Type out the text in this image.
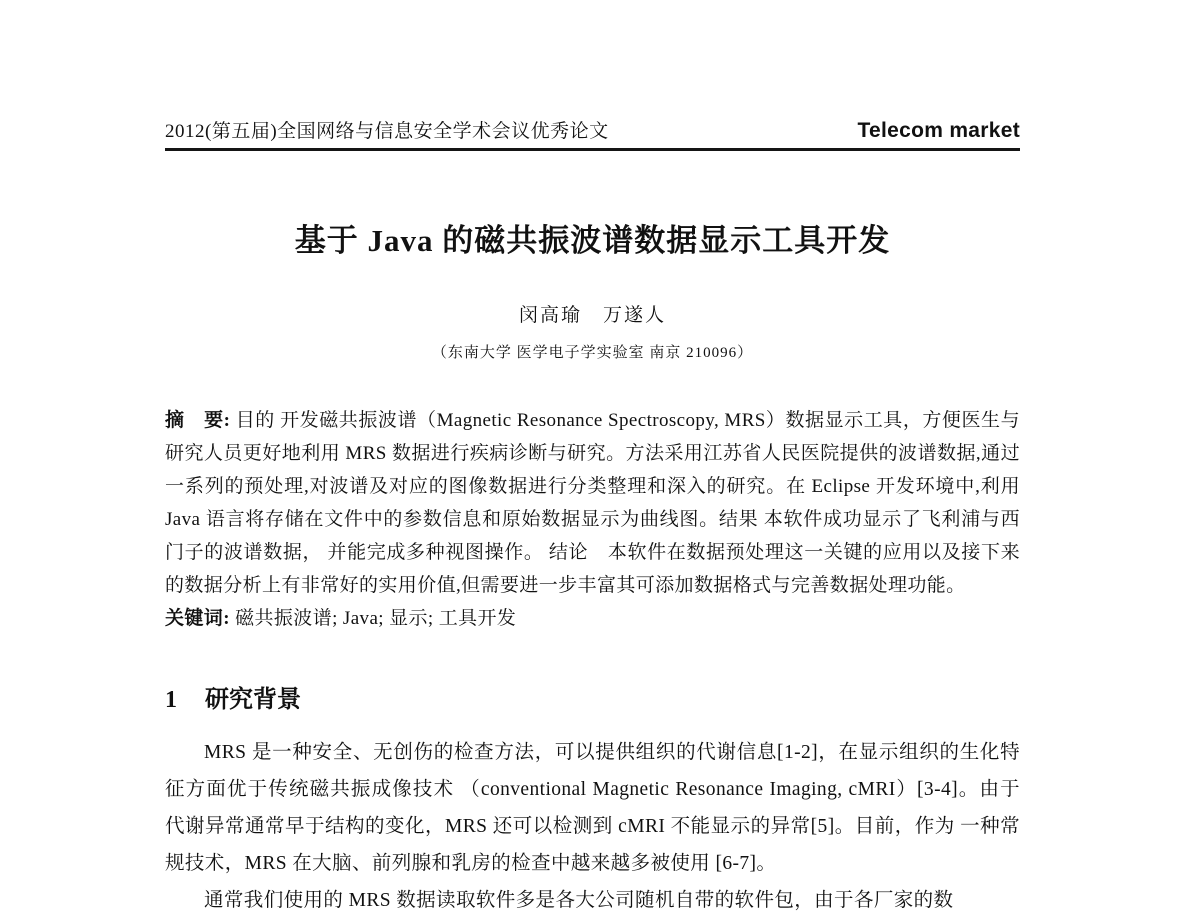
2012(第五届)全国网络与信息安全学术会议优秀论文	Telecom market
基于 Java 的磁共振波谱数据显示工具开发
闵高瑜　万遂人
（东南大学 医学电子学实验室 南京 210096）

摘　要: 目的 开发磁共振波谱（Magnetic Resonance Spectroscopy, MRS）数据显示工具，方便医生与研究人员更好地利用 MRS 数据进行疾病诊断与研究。方法采用江苏省人民医院提供的波谱数据,通过一系列的预处理,对波谱及对应的图像数据进行分类整理和深入的研究。在 Eclipse 开发环境中,利用 Java 语言将存储在文件中的参数信息和原始数据显示为曲线图。结果 本软件成功显示了飞利浦与西门子的波谱数据， 并能完成多种视图操作。 结论　本软件在数据预处理这一关键的应用以及接下来的数据分析上有非常好的实用价值,但需要进一步丰富其可添加数据格式与完善数据处理功能。

关键词: 磁共振波谱; Java; 显示; 工具开发

1 研究背景

MRS 是一种安全、无创伤的检查方法，可以提供组织的代谢信息[1-2]，在显示组织的生化特征方面优于传统磁共振成像技术 （conventional Magnetic Resonance Imaging, cMRI）[3-4]。由于代谢异常通常早于结构的变化，MRS 还可以检测到 cMRI 不能显示的异常[5]。目前，作为 一种常规技术，MRS 在大脑、前列腺和乳房的检查中越来越多被使用 [6-7]。

通常我们使用的 MRS 数据读取软件多是各大公司随机自带的软件包，由于各厂家的数
